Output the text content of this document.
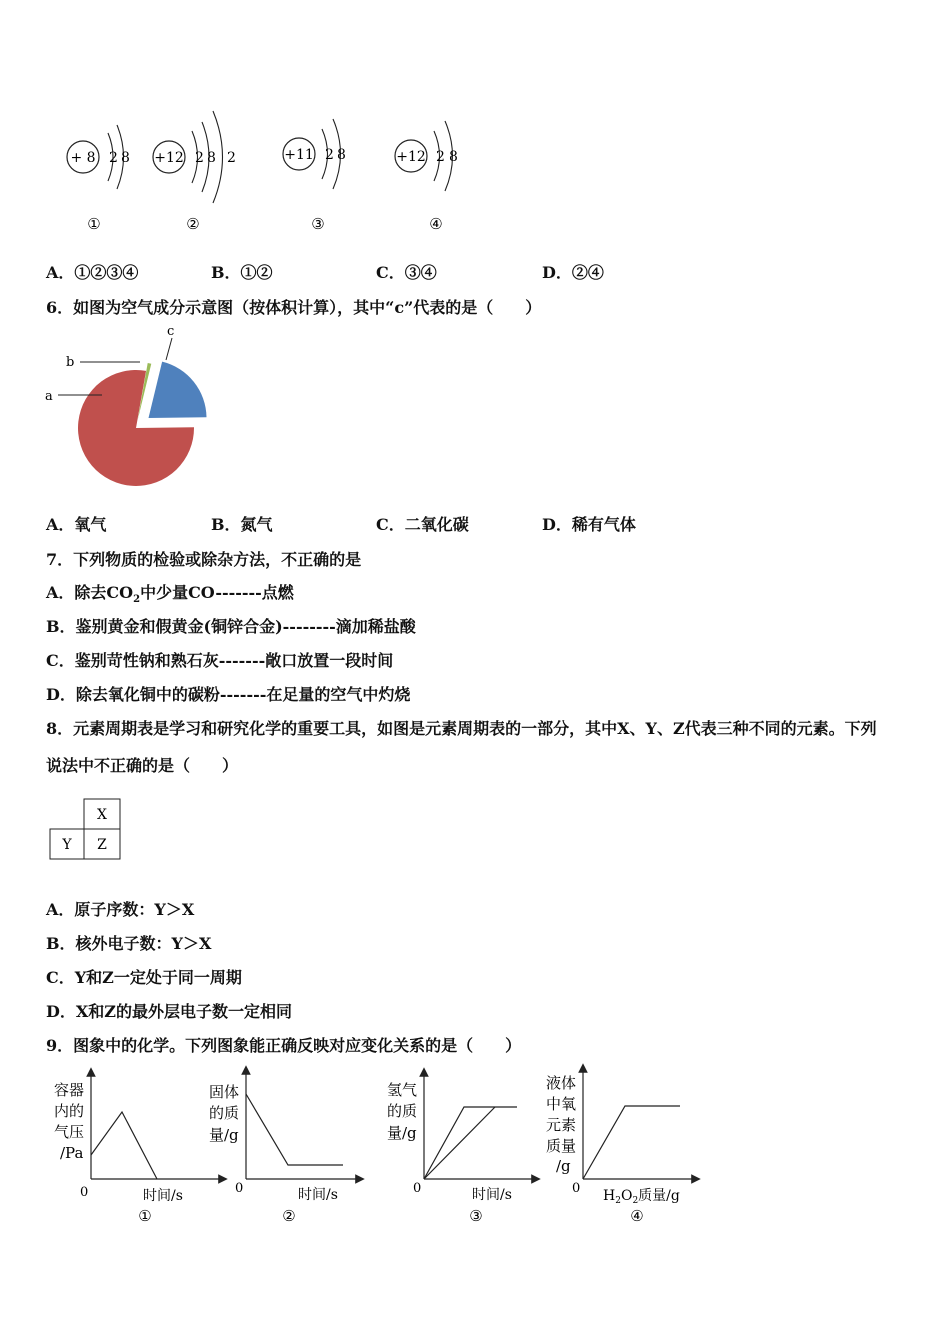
+ 8 2 8
①
+12 2 8 2
②
+11 2 8
③
+12 2 8
④
A．①②③④	B．①②	C．③④	D．②④
6．如图为空气成分示意图（按体积计算），其中“c”代表的是（　　）
a
b
c
A．氧气	B．氮气	C．二氧化碳	D．稀有气体
7．下列物质的检验或除杂方法，不正确的是
A．除去$CO_2$中少量CO-------点燃
B．鉴别黄金和假黄金(铜锌合金)--------滴加稀盐酸
C．鉴别苛性钠和熟石灰-------敞口放置一段时间
D．除去氧化铜中的碳粉-------在足量的空气中灼烧
8．元素周期表是学习和研究化学的重要工具，如图是元素周期表的一部分，其中X、Y、Z代表三种不同的元素。下列
说法中不正确的是（　　）
X
Y Z
A．原子序数：Y＞X
B．核外电子数：Y＞X
C．Y和Z一定处于同一周期
D．X和Z的最外层电子数一定相同
9．图象中的化学。下列图象能正确反映对应变化关系的是（　　）
容器
内的
气压
/Pa
0	时间/s
①
固体
的质
量/g
0	时间/s
②
氢气
的质
量/g
0	时间/s
③
液体
中氧
元素
质量
/g
0 $H_2O_2$质量/g
④
